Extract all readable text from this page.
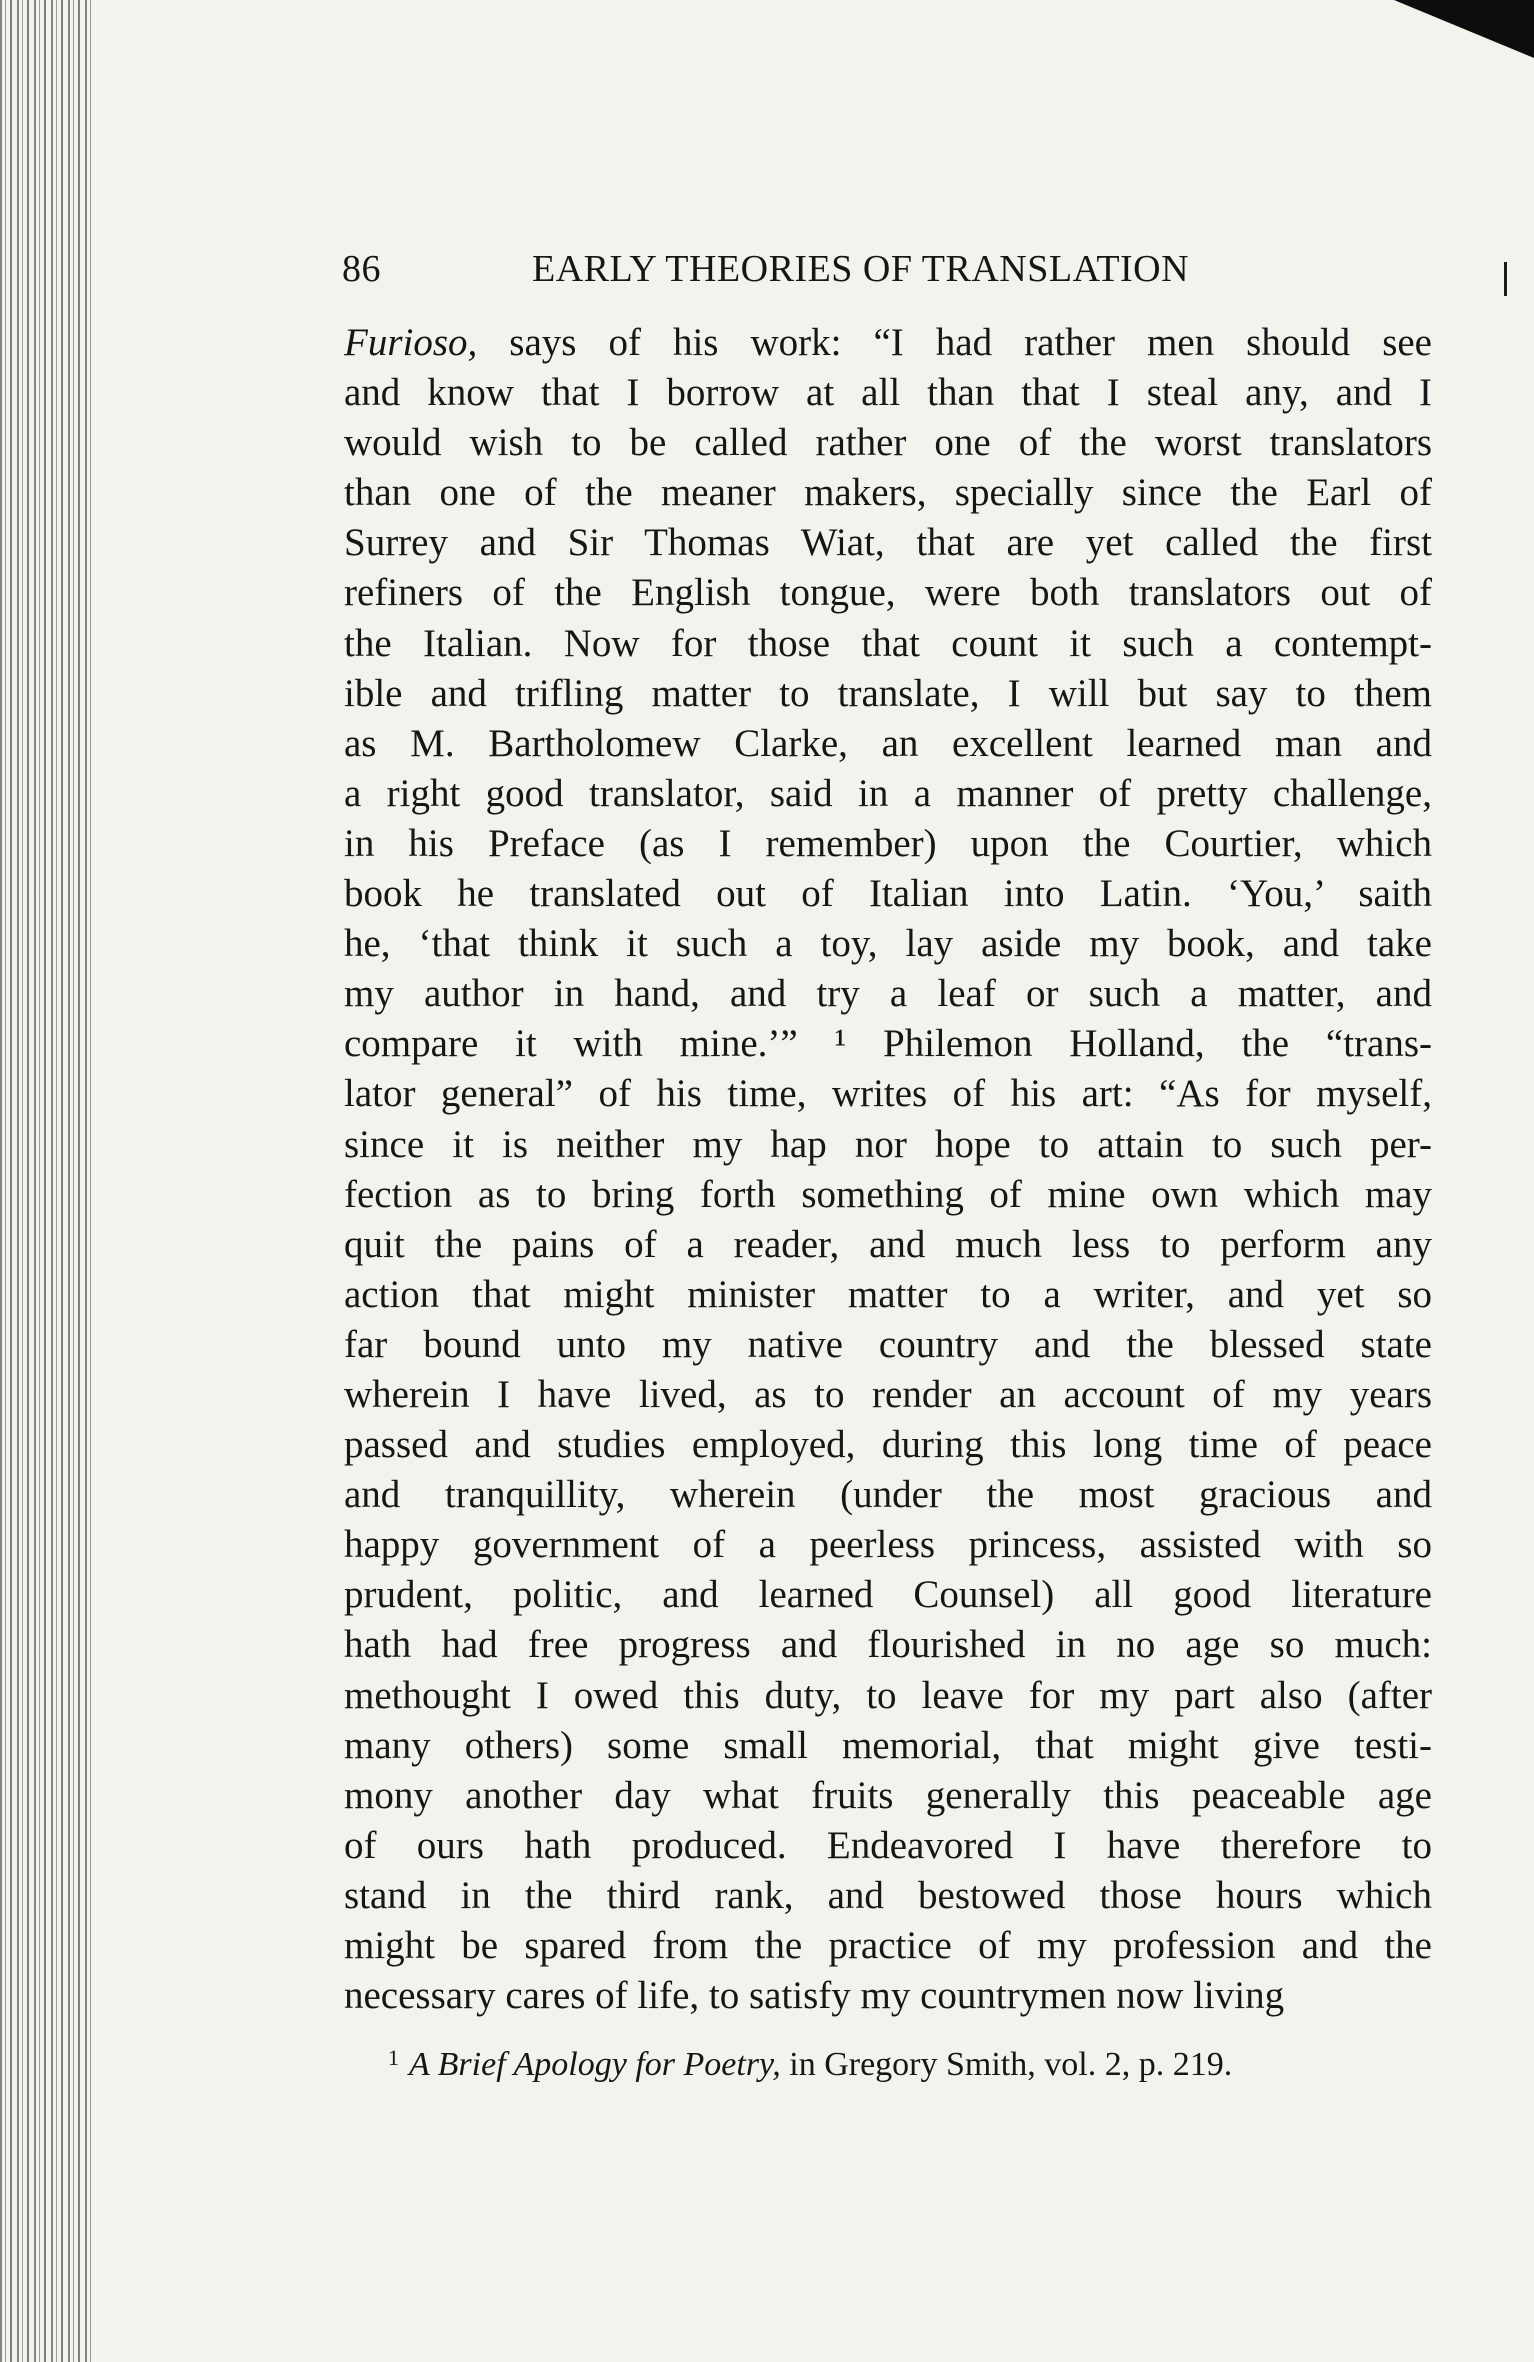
86	EARLY THEORIES OF TRANSLATION
Furioso, says of his work: “I had rather men should see
and know that I borrow at all than that I steal any, and I
would wish to be called rather one of the worst translators
than one of the meaner makers, specially since the Earl of
Surrey and Sir Thomas Wiat, that are yet called the first
refiners of the English tongue, were both translators out of
the Italian. Now for those that count it such a contempt-
ible and trifling matter to translate, I will but say to them
as M. Bartholomew Clarke, an excellent learned man and
a right good translator, said in a manner of pretty challenge,
in his Preface (as I remember) upon the Courtier, which
book he translated out of Italian into Latin. ‘You,’ saith
he, ‘that think it such a toy, lay aside my book, and take
my author in hand, and try a leaf or such a matter, and
compare it with mine.’” ¹ Philemon Holland, the “trans-
lator general” of his time, writes of his art: “As for myself,
since it is neither my hap nor hope to attain to such per-
fection as to bring forth something of mine own which may
quit the pains of a reader, and much less to perform any
action that might minister matter to a writer, and yet so
far bound unto my native country and the blessed state
wherein I have lived, as to render an account of my years
passed and studies employed, during this long time of peace
and tranquillity, wherein (under the most gracious and
happy government of a peerless princess, assisted with so
prudent, politic, and learned Counsel) all good literature
hath had free progress and flourished in no age so much:
methought I owed this duty, to leave for my part also (after
many others) some small memorial, that might give testi-
mony another day what fruits generally this peaceable age
of ours hath produced. Endeavored I have therefore to
stand in the third rank, and bestowed those hours which
might be spared from the practice of my profession and the
necessary cares of life, to satisfy my countrymen now living
$^1$ A Brief Apology for Poetry, in Gregory Smith, vol. 2, p. 219.
